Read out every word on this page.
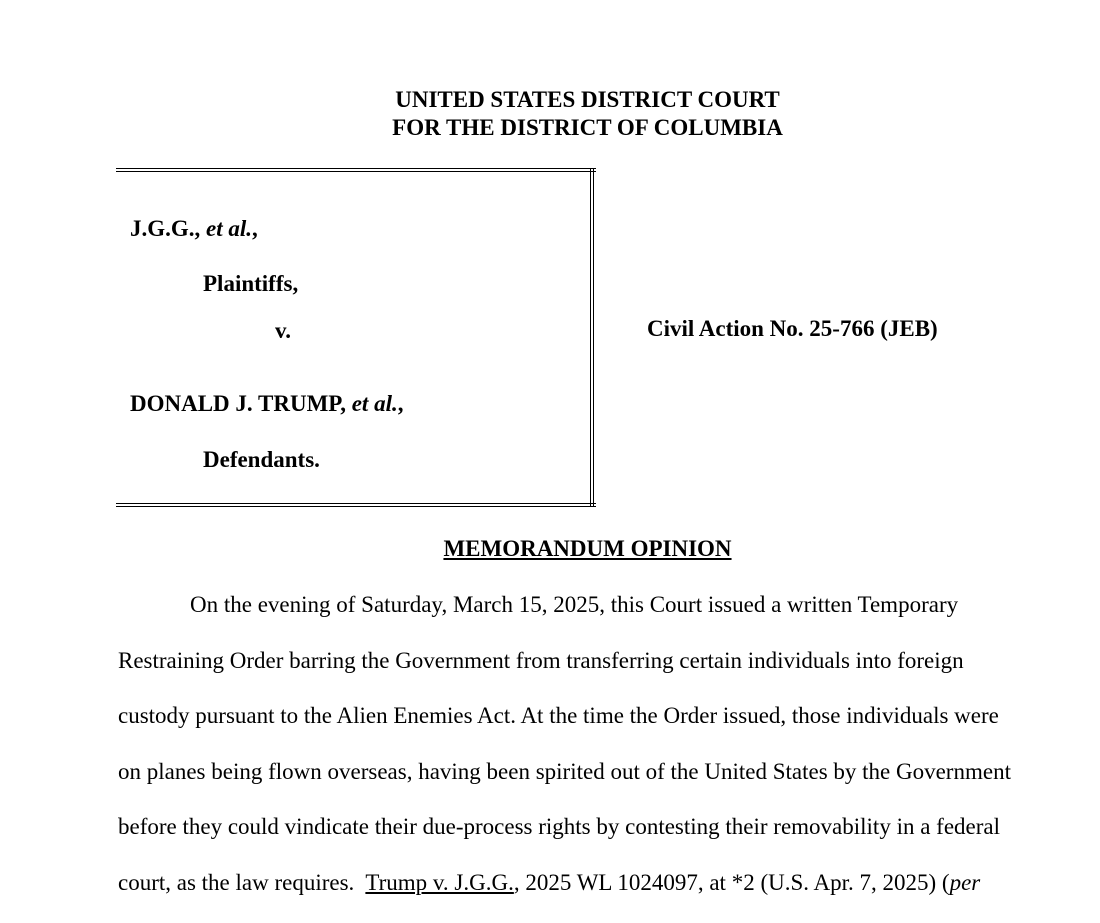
UNITED STATES DISTRICT COURT
FOR THE DISTRICT OF COLUMBIA
J.G.G., et al.,
Plaintiffs,
v.
DONALD J. TRUMP, et al.,
Defendants.
Civil Action No. 25-766 (JEB)
MEMORANDUM OPINION
On the evening of Saturday, March 15, 2025, this Court issued a written Temporary
Restraining Order barring the Government from transferring certain individuals into foreign
custody pursuant to the Alien Enemies Act. At the time the Order issued, those individuals were
on planes being flown overseas, having been spirited out of the United States by the Government
before they could vindicate their due-process rights by contesting their removability in a federal
court, as the law requires.  Trump v. J.G.G., 2025 WL 1024097, at *2 (U.S. Apr. 7, 2025) (per
